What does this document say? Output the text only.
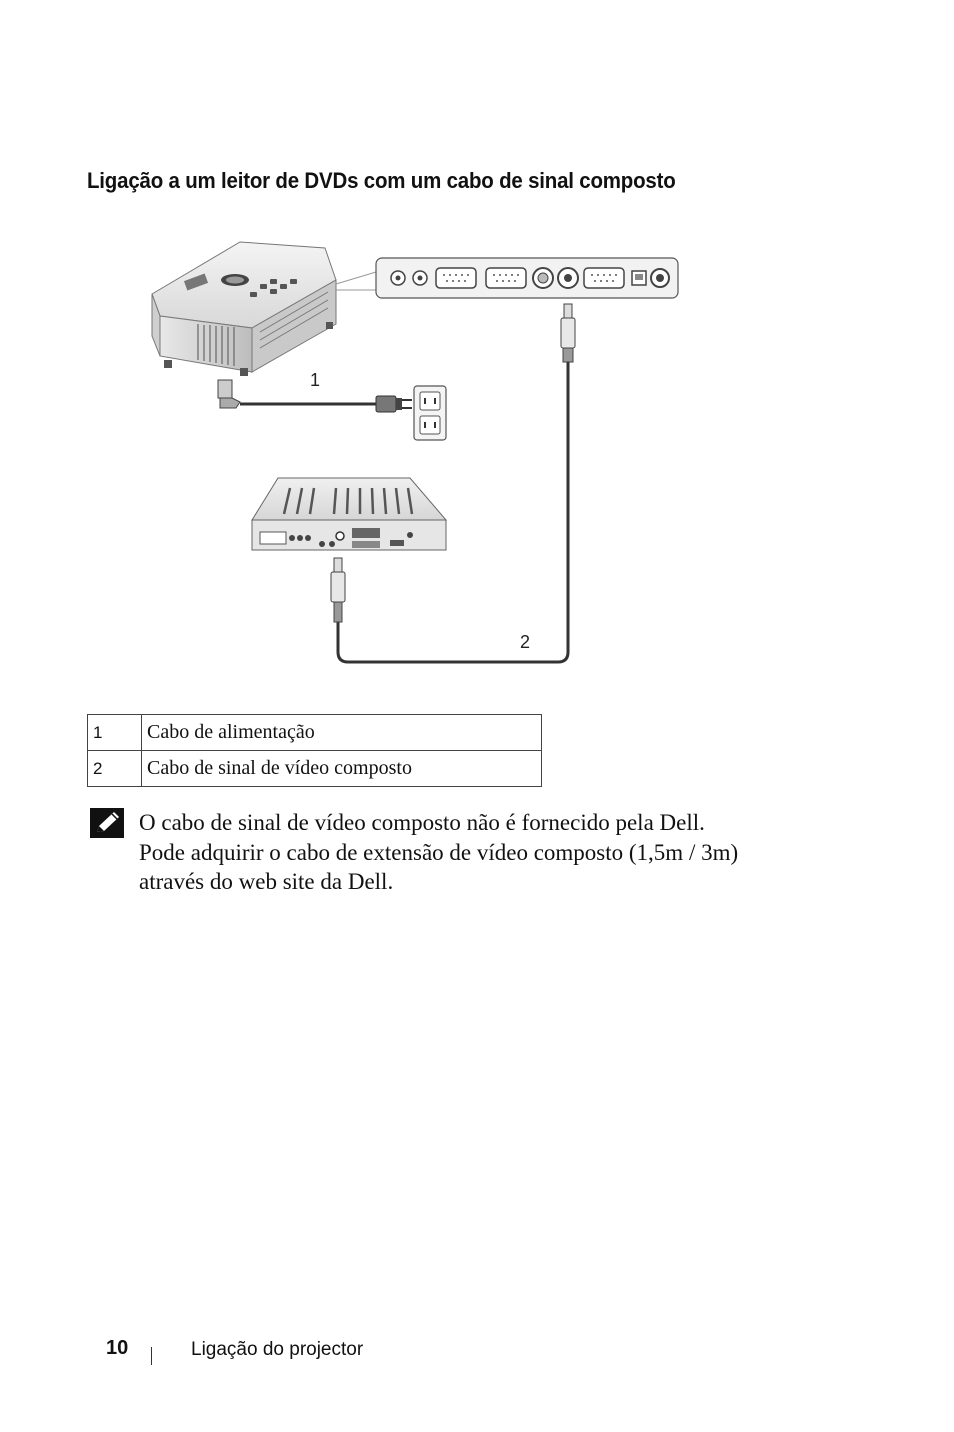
Ligação a um leitor de DVDs com um cabo de sinal composto
1
2
1	Cabo de alimentação
2	Cabo de sinal de vídeo composto

O cabo de sinal de vídeo composto não é fornecido pela Dell.

Pode adquirir o cabo de extensão de vídeo composto (1,5m / 3m)

através do web site da Dell.

10	Ligação do projector
